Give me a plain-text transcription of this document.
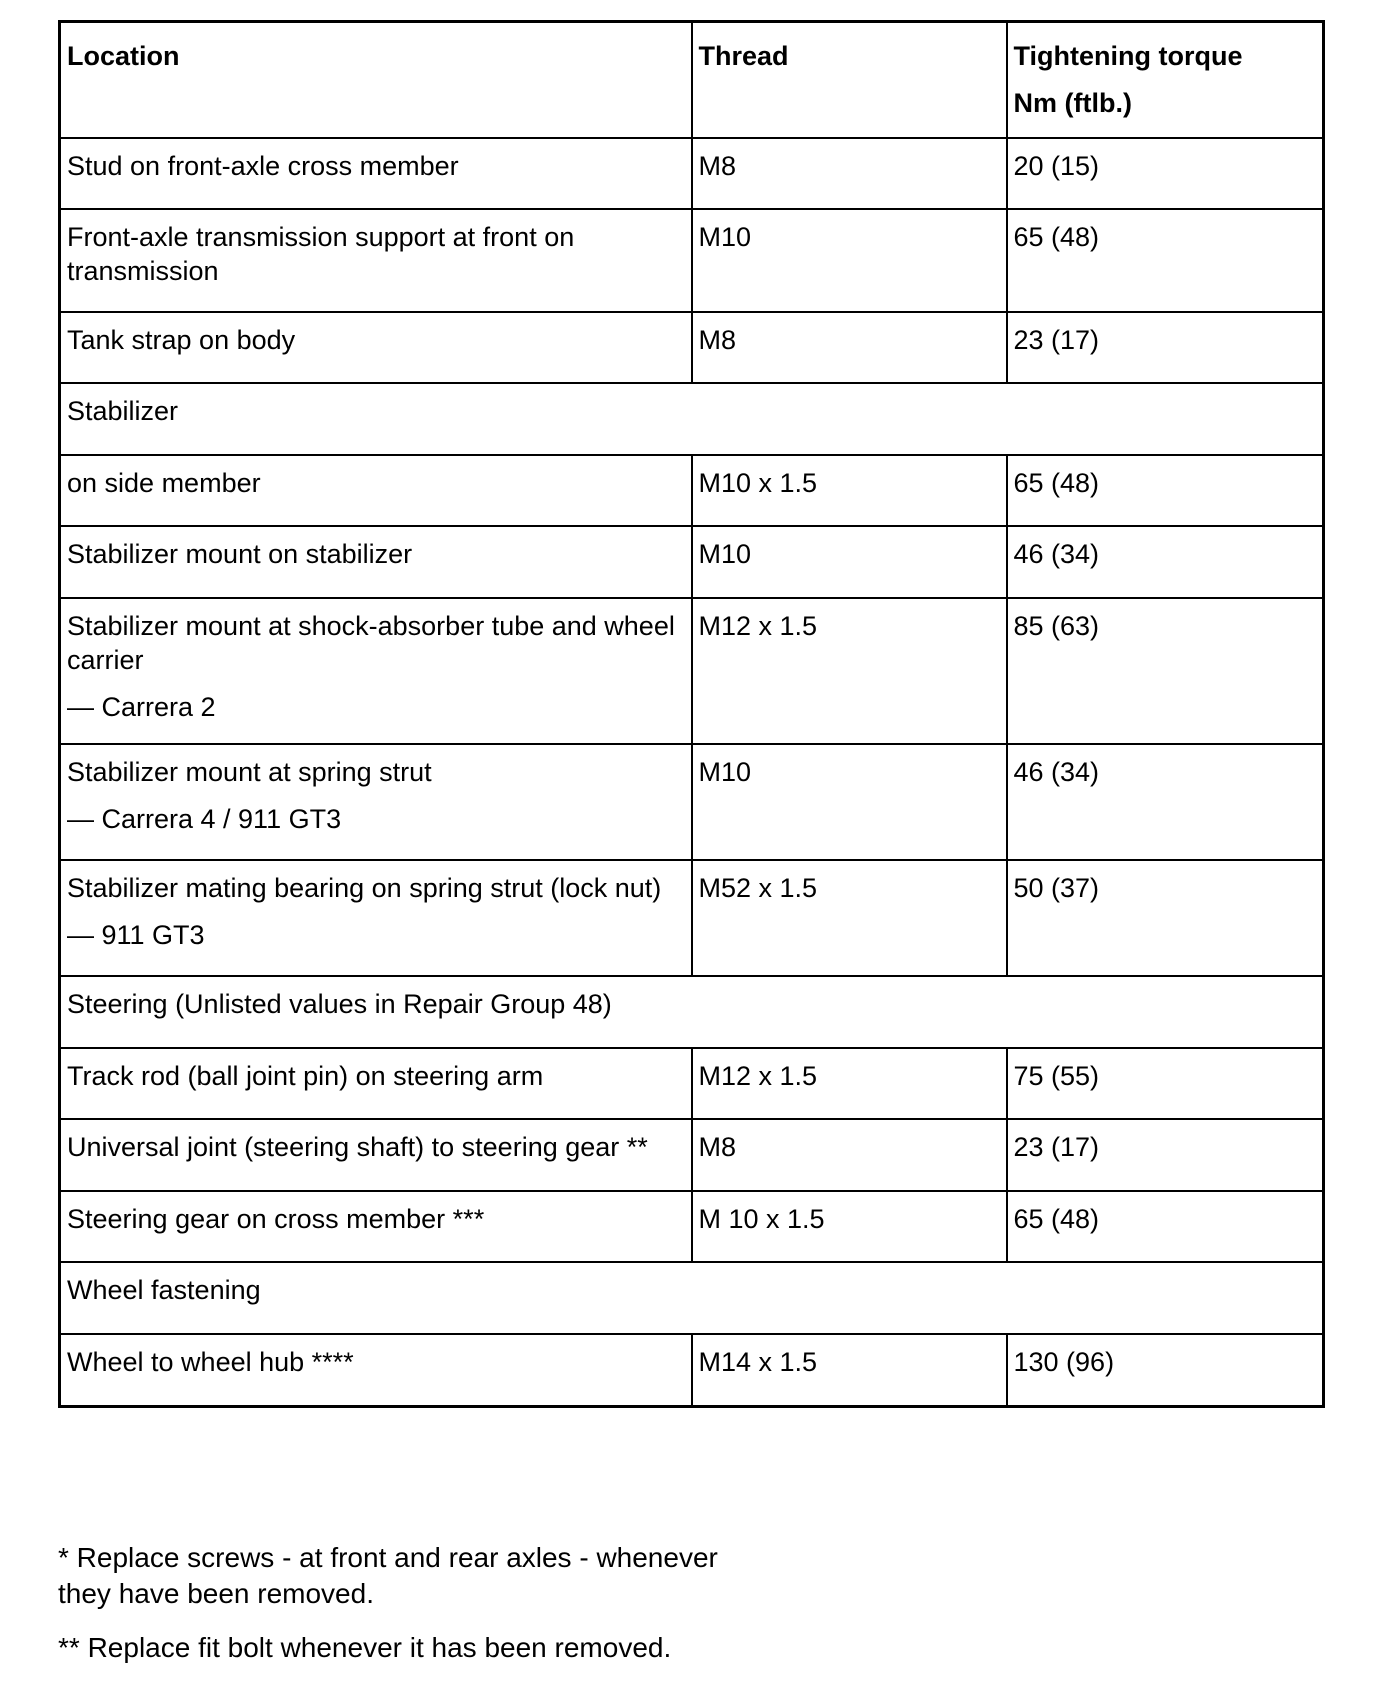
Location	Thread	Tightening torque
Nm (ftlb.)

Stud on front-axle cross member	M8	20 (15)

Front-axle transmission support at front on
transmission	M10	65 (48)
Tank strap on body	M8	23 (17)
Stabilizer		
on side member	M10 x 1.5	65 (48)
Stabilizer mount on stabilizer	M10	46 (34)

Stabilizer mount at shock-absorber tube and wheel
carrier
— Carrera 2	M12 x 1.5	85 (63)

Stabilizer mount at spring strut
— Carrera 4 / 911 GT3	M10	46 (34)

Stabilizer mating bearing on spring strut (lock nut)
— 911 GT3	M52 x 1.5	50 (37)
Steering (Unlisted values in Repair Group 48)		
Track rod (ball joint pin) on steering arm	M12 x 1.5	75 (55)
Universal joint (steering shaft) to steering gear **	M8	23 (17)
Steering gear on cross member ***	M 10 x 1.5	65 (48)
Wheel fastening		
Wheel to wheel hub ****	M14 x 1.5	130 (96)

* Replace screws - at front and rear axles - whenever
they have been removed.

** Replace fit bolt whenever it has been removed.
